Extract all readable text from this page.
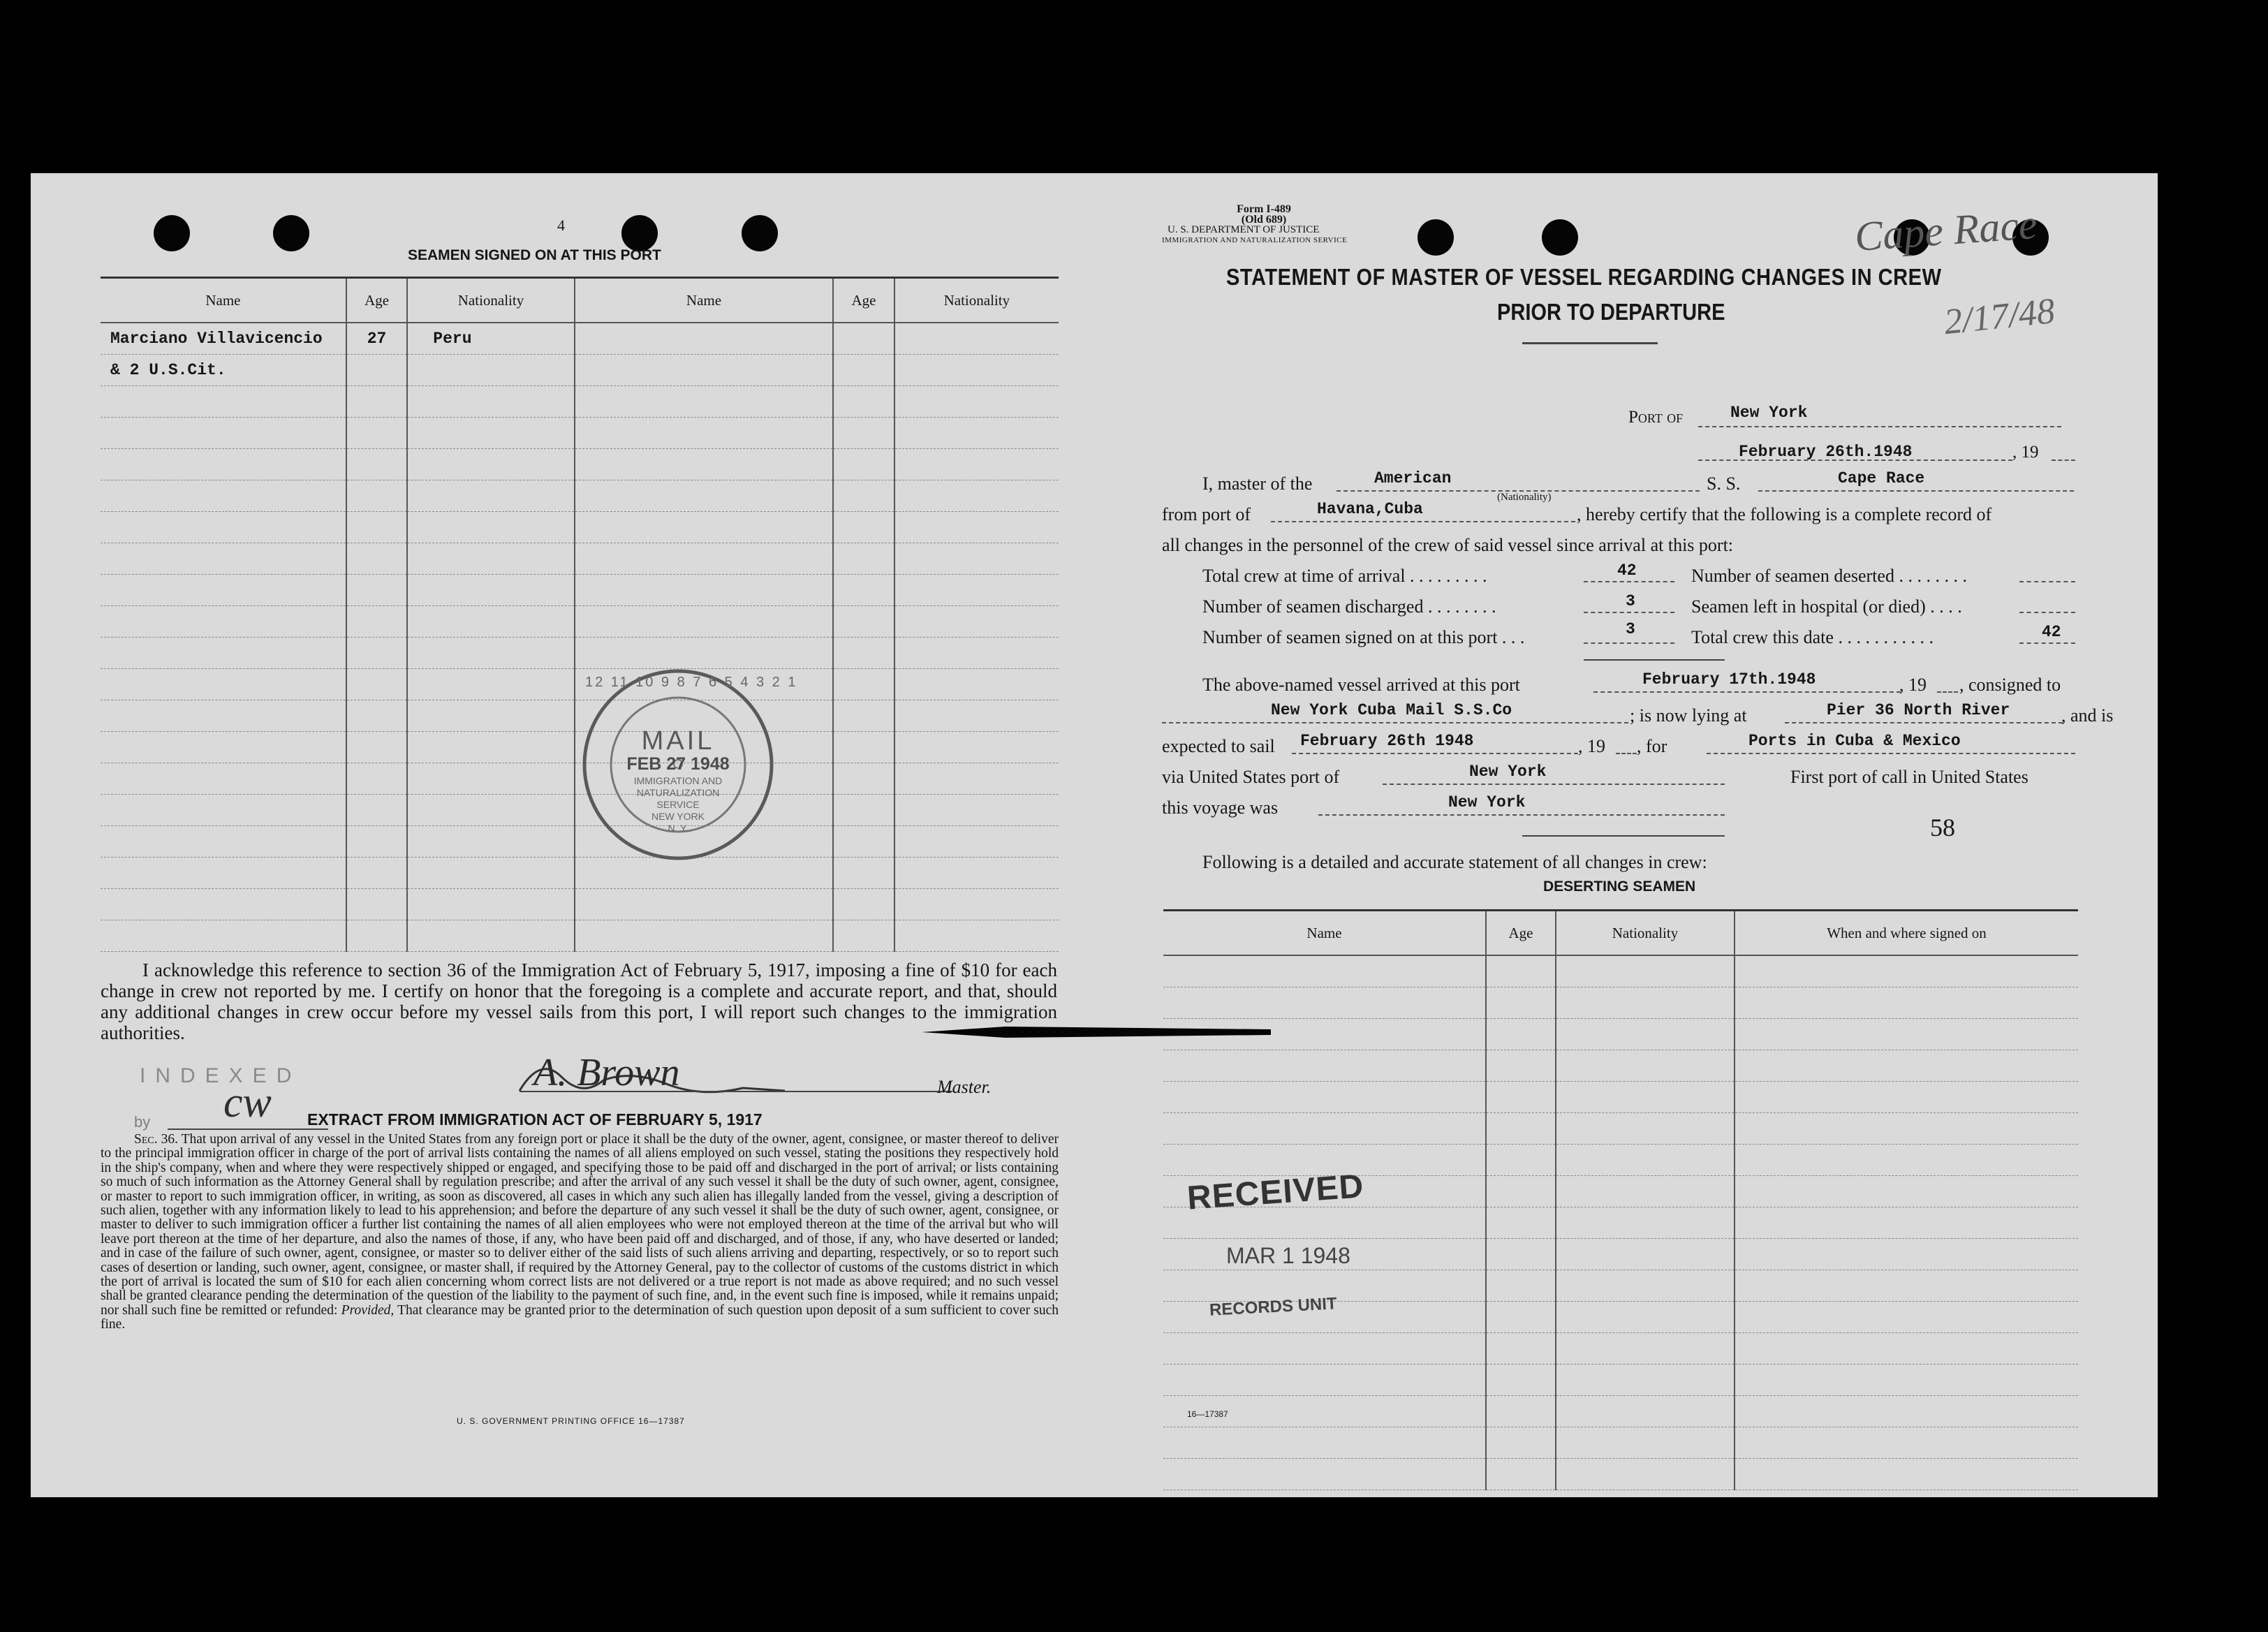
4
SEAMEN SIGNED ON AT THIS PORT
Name	Age	Nationality	Name	Age	Nationality
Marciano Villavicencio	27	Peru			
& 2 U.S.Cit.					

12 11 10 9 8 7 6 5 4 3 2 1
MAIL
FEB 27 1948
IMMIGRATION AND
NATURALIZATION
SERVICE
NEW YORK
N. Y.
I acknowledge this reference to section 36 of the Immigration Act of February 5, 1917, imposing a fine of $10 for each change in crew not reported by me. I certify on honor that the foregoing is a complete and accurate report, and that, should any additional changes in crew occur before my vessel sails from this port, I will report such changes to the immigration authorities.
INDEXED
cw
A. Brown	Master.
by	EXTRACT FROM IMMIGRATION ACT OF FEBRUARY 5, 1917

Sec. 36. That upon arrival of any vessel in the United States from any foreign port or place it shall be the duty of the owner, agent, consignee, or master thereof to deliver to the principal immigration officer in charge of the port of arrival lists containing the names of all aliens employed on such vessel, stating the positions they respectively hold in the ship's company, when and where they were respectively shipped or engaged, and specifying those to be paid off and discharged in the port of arrival; or lists containing so much of such information as the Attorney General shall by regulation prescribe; and after the arrival of any such vessel it shall be the duty of such owner, agent, consignee, or master to report to such immigration officer, in writing, as soon as discovered, all cases in which any such alien has illegally landed from the vessel, giving a description of such alien, together with any information likely to lead to his apprehension; and before the departure of any such vessel it shall be the duty of such owner, agent, consignee, or master to deliver to such immigration officer a further list containing the names of all alien employees who were not employed thereon at the time of the arrival but who will leave port thereon at the time of her departure, and also the names of those, if any, who have been paid off and discharged, and of those, if any, who have deserted or landed; and in case of the failure of such owner, agent, consignee, or master so to deliver either of the said lists of such aliens arriving and departing, respectively, or so to report such cases of desertion or landing, such owner, agent, consignee, or master shall, if required by the Attorney General, pay to the collector of customs of the customs district in which the port of arrival is located the sum of $10 for each alien concerning whom correct lists are not delivered or a true report is not made as above required; and no such vessel shall be granted clearance pending the determination of the question of the liability to the payment of such fine, and, in the event such fine is imposed, while it remains unpaid; nor shall such fine be remitted or refunded: Provided, That clearance may be granted prior to the determination of such question upon deposit of a sum sufficient to cover such fine.

U. S. GOVERNMENT PRINTING OFFICE 16—17387
Form I-489
(Old 689)
U. S. DEPARTMENT OF JUSTICE
IMMIGRATION AND NATURALIZATION SERVICE
STATEMENT OF MASTER OF VESSEL REGARDING CHANGES IN CREW
PRIOR TO DEPARTURE
Cape Race
2/17/48
Port of	New York
February 26th.1948	, 19
I, master of the	American
(Nationality)
S. S.	Cape Race
from port of	Havana,Cuba	, hereby certify that the following is a complete record of
all changes in the personnel of the crew of said vessel since arrival at this port:
Total crew at time of arrival . . . . . . . . .	42	Number of seamen deserted . . . . . . . .
Number of seamen discharged . . . . . . . .	3	Seamen left in hospital (or died) . . . .
Number of seamen signed on at this port . . .	3	Total crew this date . . . . . . . . . . .	42
The above-named vessel arrived at this port	February 17th.1948	, 19 , consigned to
New York Cuba Mail S.S.Co	; is now lying at	Pier 36 North River	, and is
expected to sail February 26th 1948	, 19 , for	Ports in Cuba & Mexico
via United States port of	New York	First port of call in United States
this voyage was	New York
58
Following is a detailed and accurate statement of all changes in crew:
DESERTING SEAMEN
Name	Age	Nationality	When and where signed on

RECEIVED
MAR 1 1948
RECORDS UNIT
16—17387
